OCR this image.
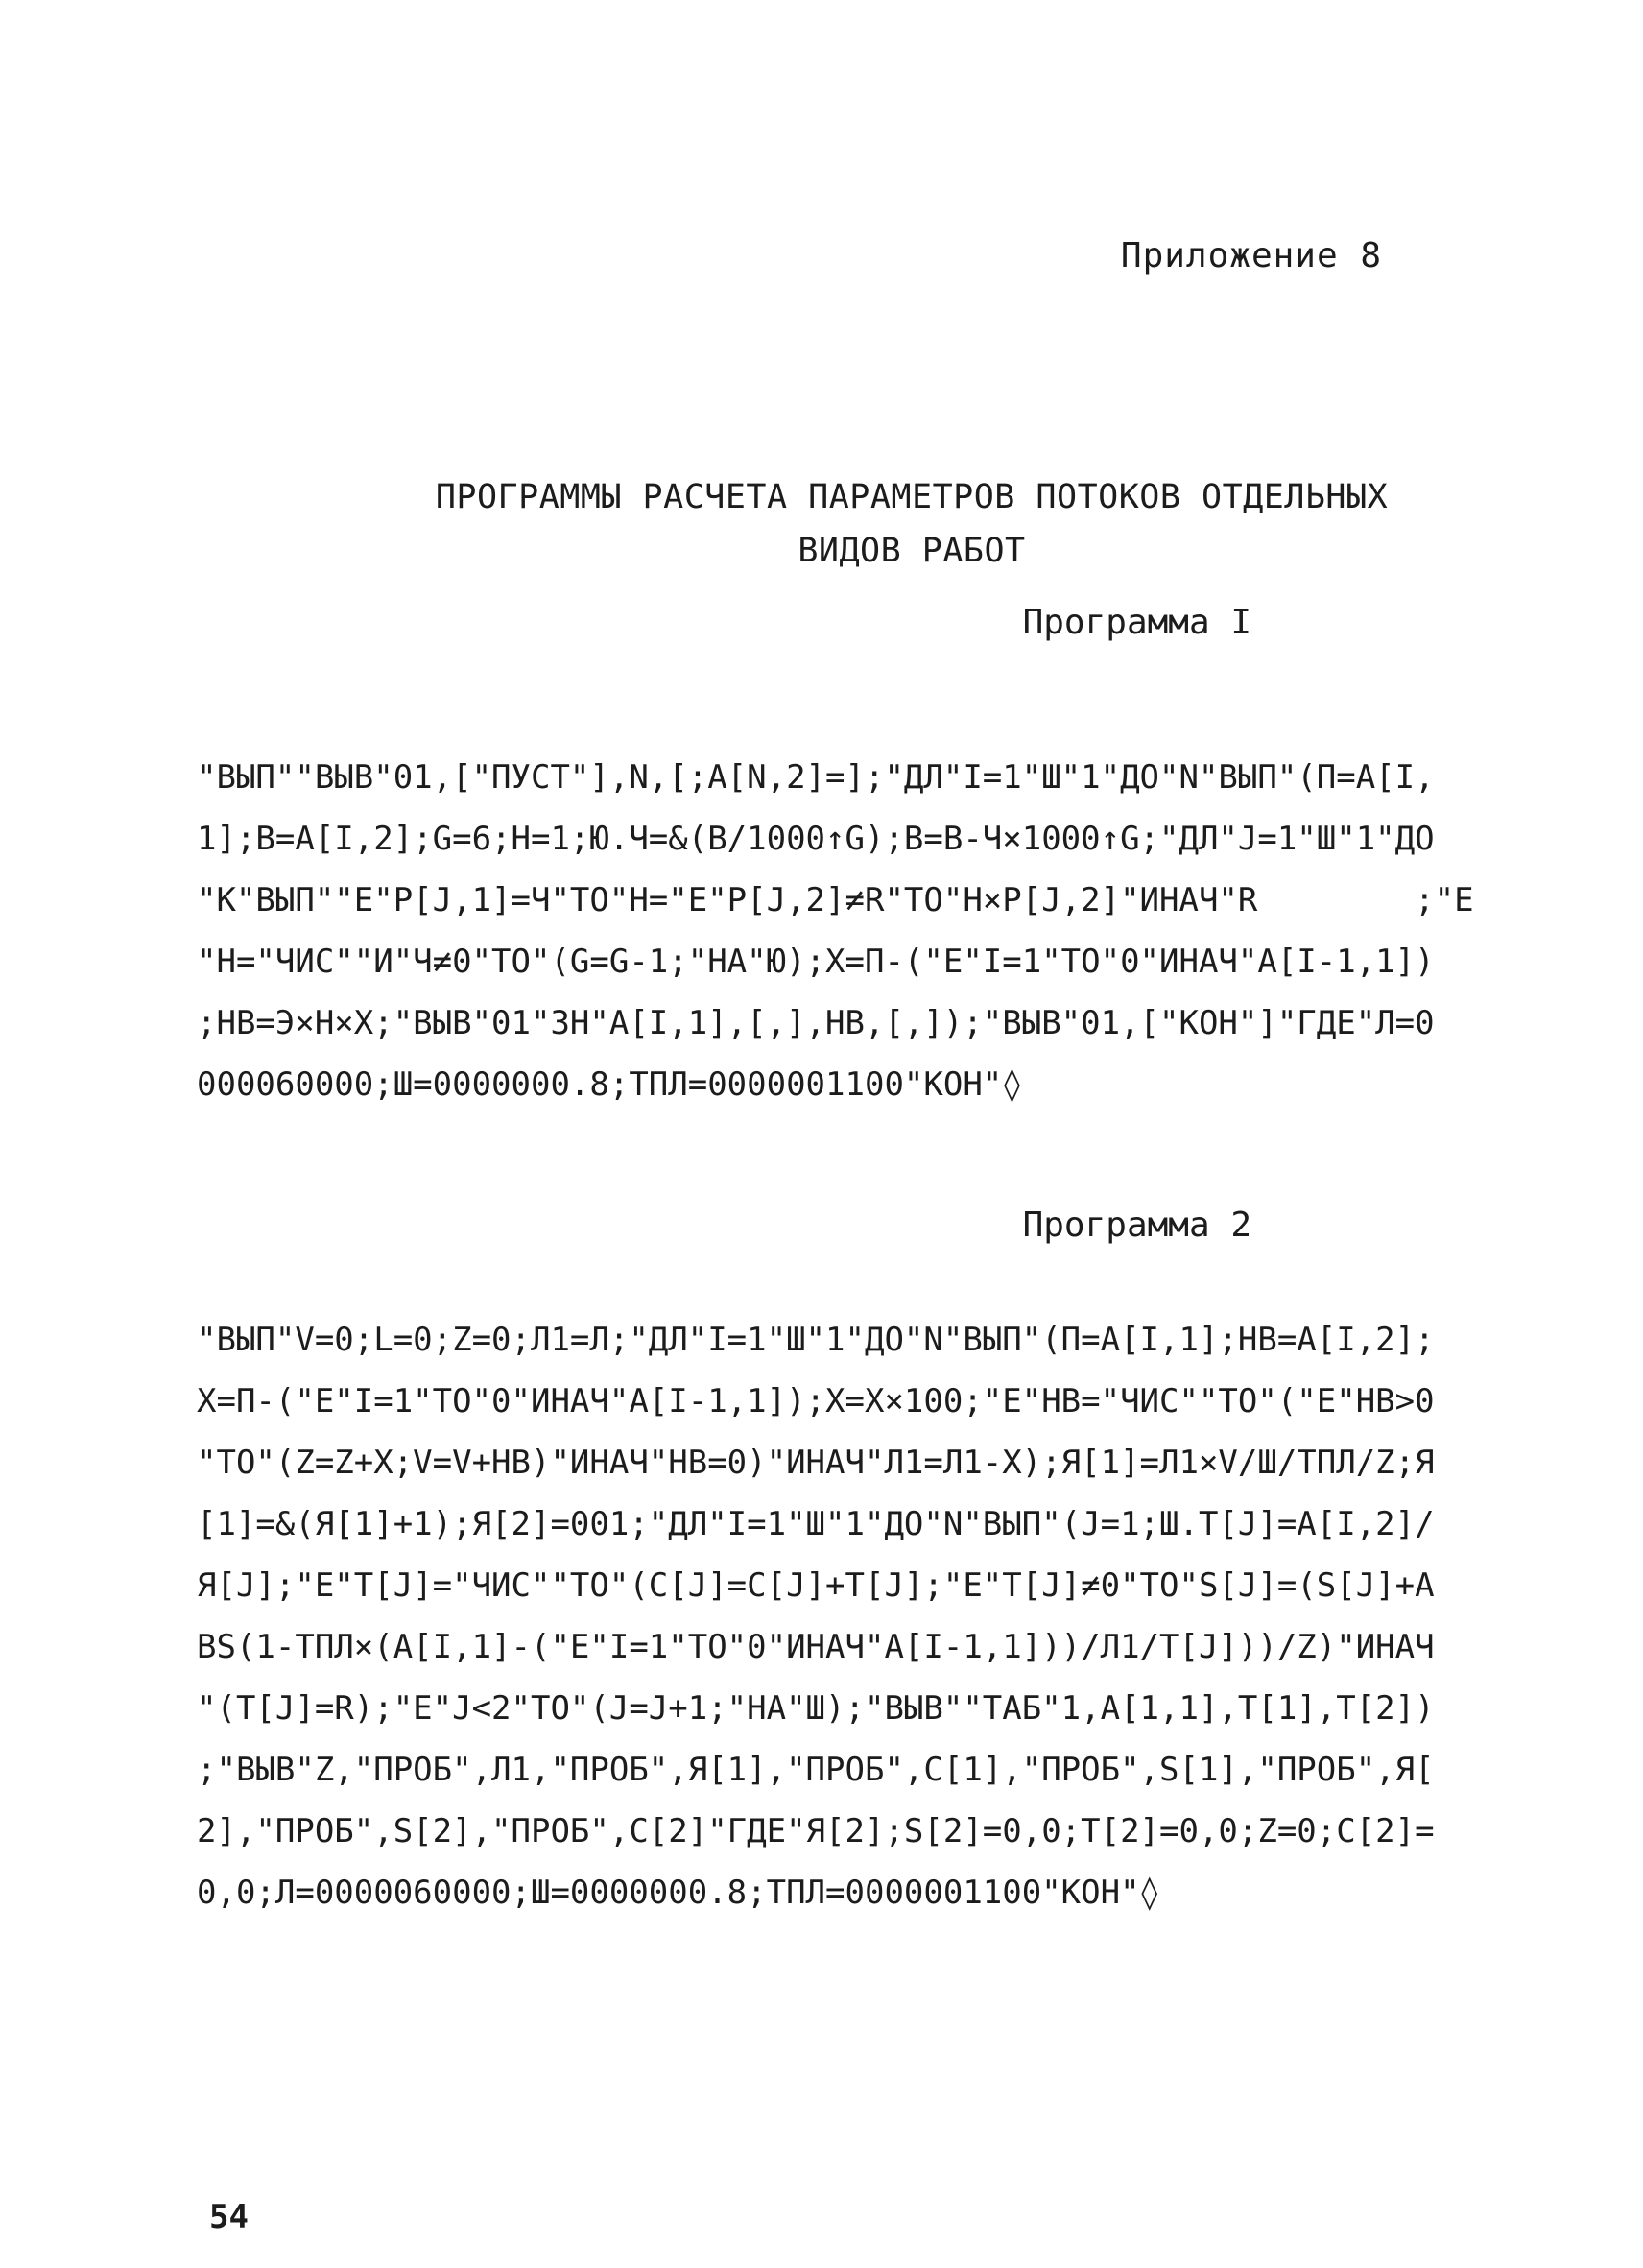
Приложение 8
ПРОГРАММЫ РАСЧЕТА ПАРАМЕТРОВ ПОТОКОВ ОТДЕЛЬНЫХ
ВИДОВ РАБОТ
Программа I
"ВЫП""ВЫВ"01,["ПУСТ"],N,[;A[N,2]=];"ДЛ"I=1"Ш"1"ДО"N"ВЫП"(П=A[I,
1];B=A[I,2];G=6;H=1;Ю.Ч=&(B/1000↑G);B=B-Ч×1000↑G;"ДЛ"J=1"Ш"1"ДО
"К"ВЫП""Е"P[J,1]=Ч"ТО"Н="Е"P[J,2]≠R"ТО"Н×P[J,2]"ИНАЧ"R        ;"Е
"Н="ЧИС""И"Ч≠0"ТО"(G=G-1;"НА"Ю);X=П-("Е"I=1"ТО"0"ИНАЧ"A[I-1,1])
;НВ=Э×Н×X;"ВЫВ"01"ЗН"A[I,1],[,],НВ,[,]);"ВЫВ"01,["КОН"]"ГДЕ"Л=0
000060000;Ш=0000000.8;ТПЛ=0000001100"КОН"◊
Программа 2
"ВЫП"V=0;L=0;Z=0;Л1=Л;"ДЛ"I=1"Ш"1"ДО"N"ВЫП"(П=A[I,1];НВ=A[I,2];
X=П-("Е"I=1"ТО"0"ИНАЧ"A[I-1,1]);X=X×100;"Е"НВ="ЧИС""ТО"("Е"НВ>0
"ТО"(Z=Z+X;V=V+НВ)"ИНАЧ"НВ=0)"ИНАЧ"Л1=Л1-X);Я[1]=Л1×V/Ш/ТПЛ/Z;Я
[1]=&(Я[1]+1);Я[2]=001;"ДЛ"I=1"Ш"1"ДО"N"ВЫП"(J=1;Ш.T[J]=A[I,2]/
Я[J];"Е"T[J]="ЧИС""ТО"(C[J]=C[J]+T[J];"Е"T[J]≠0"ТО"S[J]=(S[J]+A
BS(1-ТПЛ×(A[I,1]-("Е"I=1"ТО"0"ИНАЧ"A[I-1,1]))/Л1/T[J]))/Z)"ИНАЧ
"(T[J]=R);"Е"J<2"ТО"(J=J+1;"НА"Ш);"ВЫВ""ТАБ"1,A[1,1],T[1],T[2])
;"ВЫВ"Z,"ПРОБ",Л1,"ПРОБ",Я[1],"ПРОБ",C[1],"ПРОБ",S[1],"ПРОБ",Я[
2],"ПРОБ",S[2],"ПРОБ",C[2]"ГДЕ"Я[2];S[2]=0,0;T[2]=0,0;Z=0;C[2]=
0,0;Л=0000060000;Ш=0000000.8;ТПЛ=0000001100"КОН"◊
54
